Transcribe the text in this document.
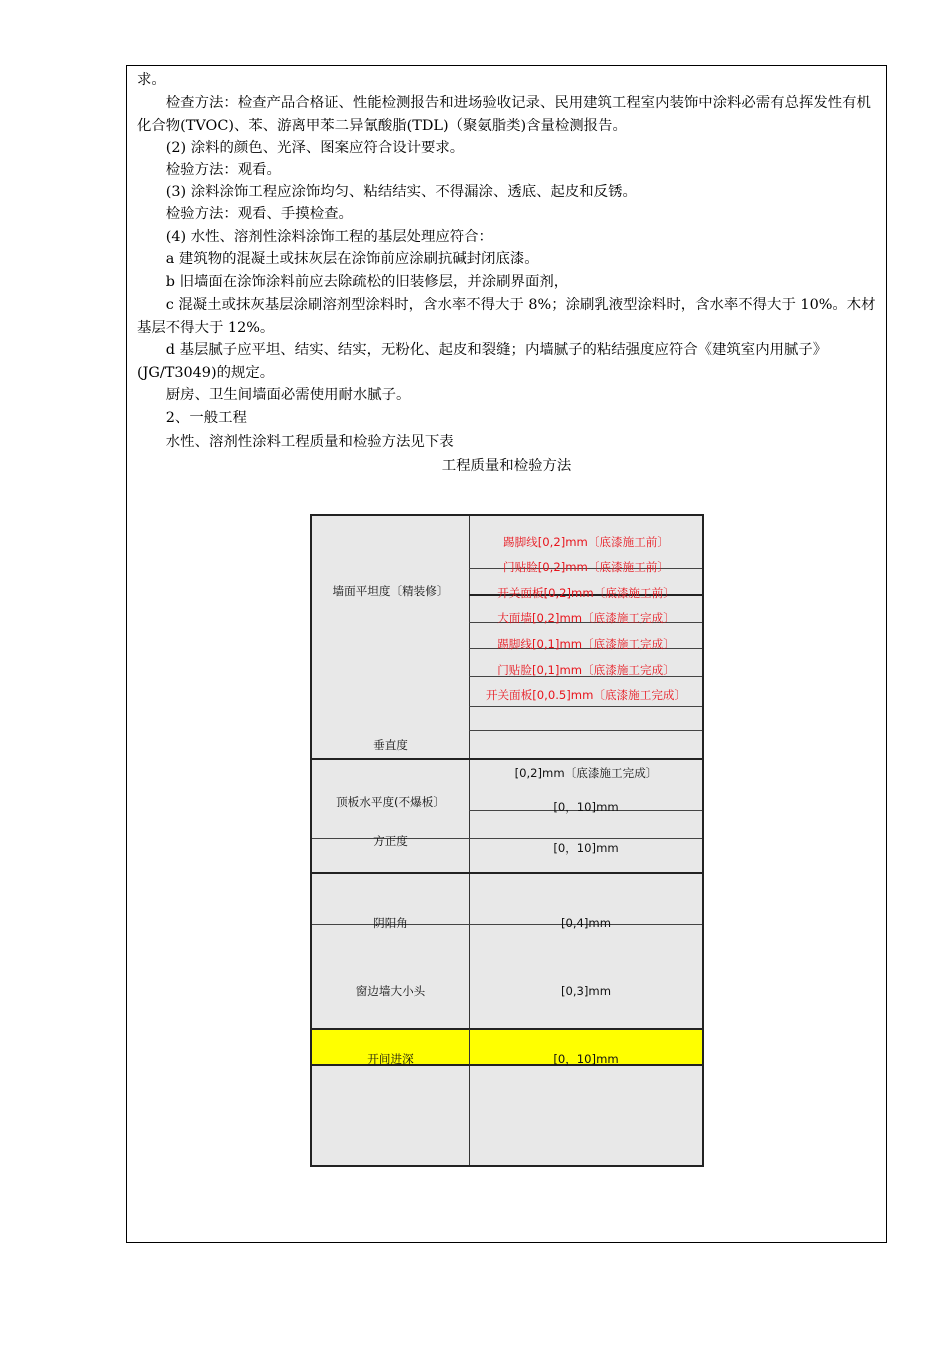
求。

　　检查方法：检查产品合格证、性能检测报告和进场验收记录、民用建筑工程室内装饰中涂料必需有总挥发性有机化合物(TVOC)、苯、游离甲苯二异氰酸脂(TDL)（聚氨脂类)含量检测报告。

　　(2) 涂料的颜色、光泽、图案应符合设计要求。

　　检验方法：观看。

　　(3) 涂料涂饰工程应涂饰均匀、粘结结实、不得漏涂、透底、起皮和反锈。

　　检验方法：观看、手摸检查。

　　(4) 水性、溶剂性涂料涂饰工程的基层处理应符合：

　　a 建筑物的混凝土或抹灰层在涂饰前应涂刷抗碱封闭底漆。

　　b 旧墙面在涂饰涂料前应去除疏松的旧装修层，并涂刷界面剂，

　　c 混凝土或抹灰基层涂刷溶剂型涂料时，含水率不得大于 8%；涂刷乳液型涂料时，含水率不得大于 10%。木材基层不得大于 12%。

　　d 基层腻子应平坦、结实、结实，无粉化、起皮和裂缝；内墙腻子的粘结强度应符合《建筑室内用腻子》(JG/T3049)的规定。

　　厨房、卫生间墙面必需使用耐水腻子。

　　2、一般工程

　　水性、溶剂性涂料工程质量和检验方法见下表

工程质量和检验方法
墙面平坦度〔精装修〕
垂直度
顶板水平度(不爆板〕
方正度
阴阳角
窗边墙大小头
开间进深
踢脚线[0,2]mm〔底漆施工前〕
门贴脸[0,2]mm〔底漆施工前〕
开关面板[0,2]mm〔底漆施工前〕
大面墙[0,2]mm〔底漆施工完成〕
踢脚线[0,1]mm〔底漆施工完成〕
门贴脸[0,1]mm〔底漆施工完成〕
开关面板[0,0.5]mm〔底漆施工完成〕
[0,2]mm〔底漆施工完成〕
[0，10]mm
[0，10]mm
[0,4]mm
[0,3]mm
[0，10]mm
